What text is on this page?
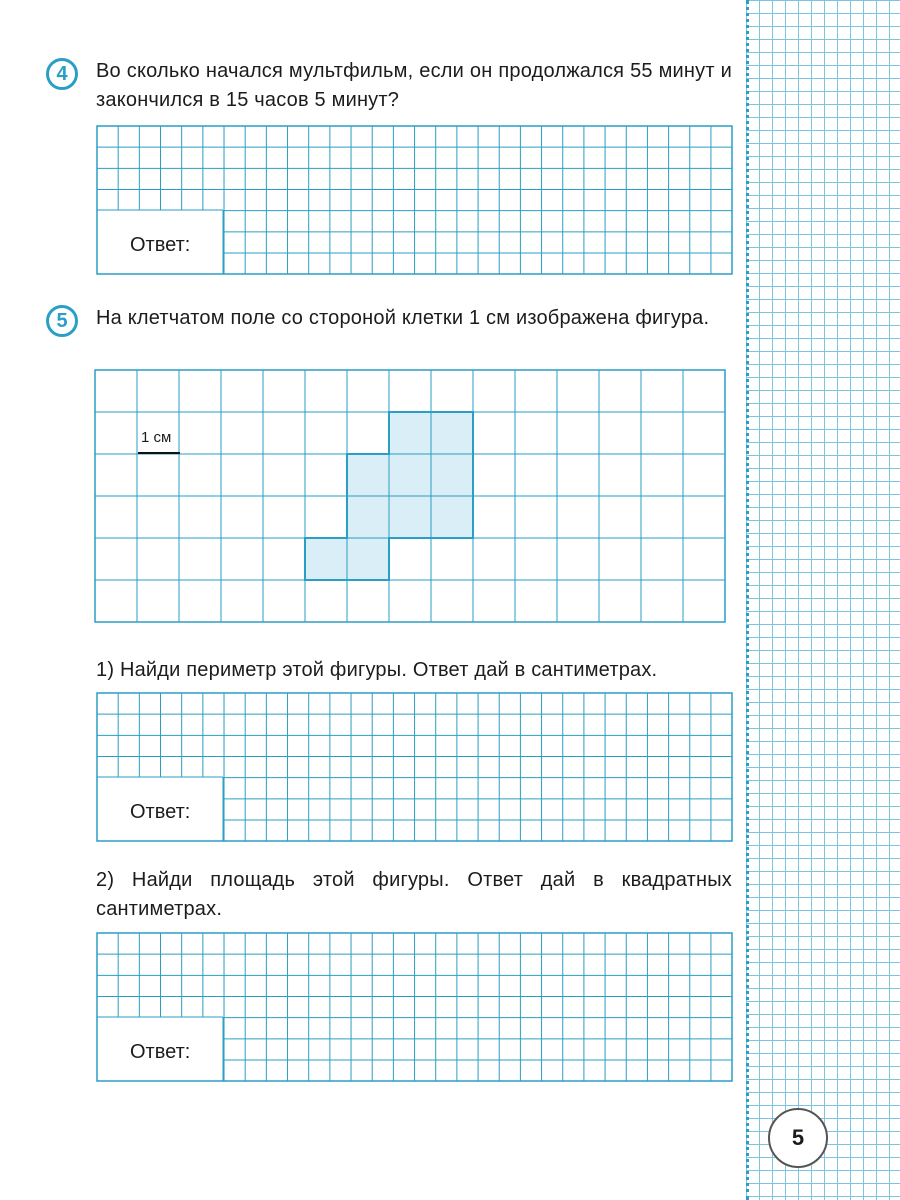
4 Во сколько начался мультфильм, если он продолжался 55 минут и закончился в 15 часов 5 минут?
Ответ:
5 На клетчатом поле со стороной клетки 1 см изображена фигура.
1 см
1) Найди периметр этой фигуры. Ответ дай в сантиметрах.
Ответ:
2) Найди площадь этой фигуры. Ответ дай в квадратных сантиметрах.
Ответ:
5
